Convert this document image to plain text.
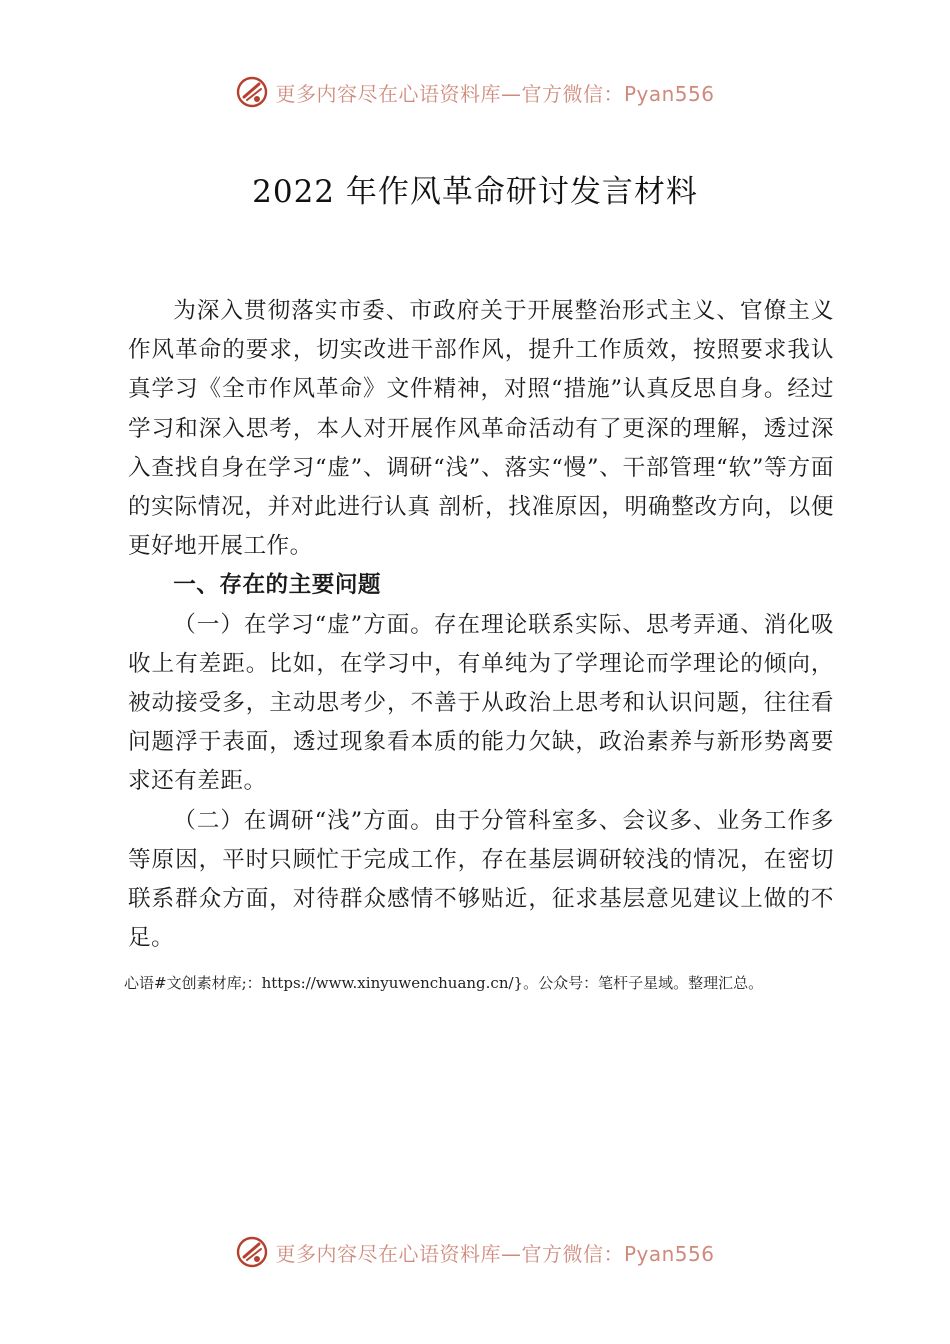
更多内容尽在心语资料库—官方微信：Pyan556
2022 年作风革命研讨发言材料

为深入贯彻落实市委、市政府关于开展整治形式主义、官僚主义作风革命的要求，切实改进干部作风，提升工作质效，按照要求我认真学习《全市作风革命》文件精神，对照“措施”认真反思自身。经过学习和深入思考，本人对开展作风革命活动有了更深的理解，透过深入查找自身在学习“虚”、调研“浅”、落实“慢”、干部管理“软”等方面的实际情况，并对此进行认真 剖析，找准原因，明确整改方向，以便更好地开展工作。

一、存在的主要问题

（一）在学习“虚”方面。存在理论联系实际、思考弄通、消化吸收上有差距。比如，在学习中，有单纯为了学理论而学理论的倾向，被动接受多，主动思考少，不善于从政治上思考和认识问题，往往看问题浮于表面，透过现象看本质的能力欠缺，政治素养与新形势离要求还有差距。

（二）在调研“浅”方面。由于分管科室多、会议多、业务工作多等原因，平时只顾忙于完成工作，存在基层调研较浅的情况，在密切联系群众方面，对待群众感情不够贴近，征求基层意见建议上做的不足。

心语#文创素材库;：https://www.xinyuwenchuang.cn/}。公众号：笔杆子星域。整理汇总。
更多内容尽在心语资料库—官方微信：Pyan556
